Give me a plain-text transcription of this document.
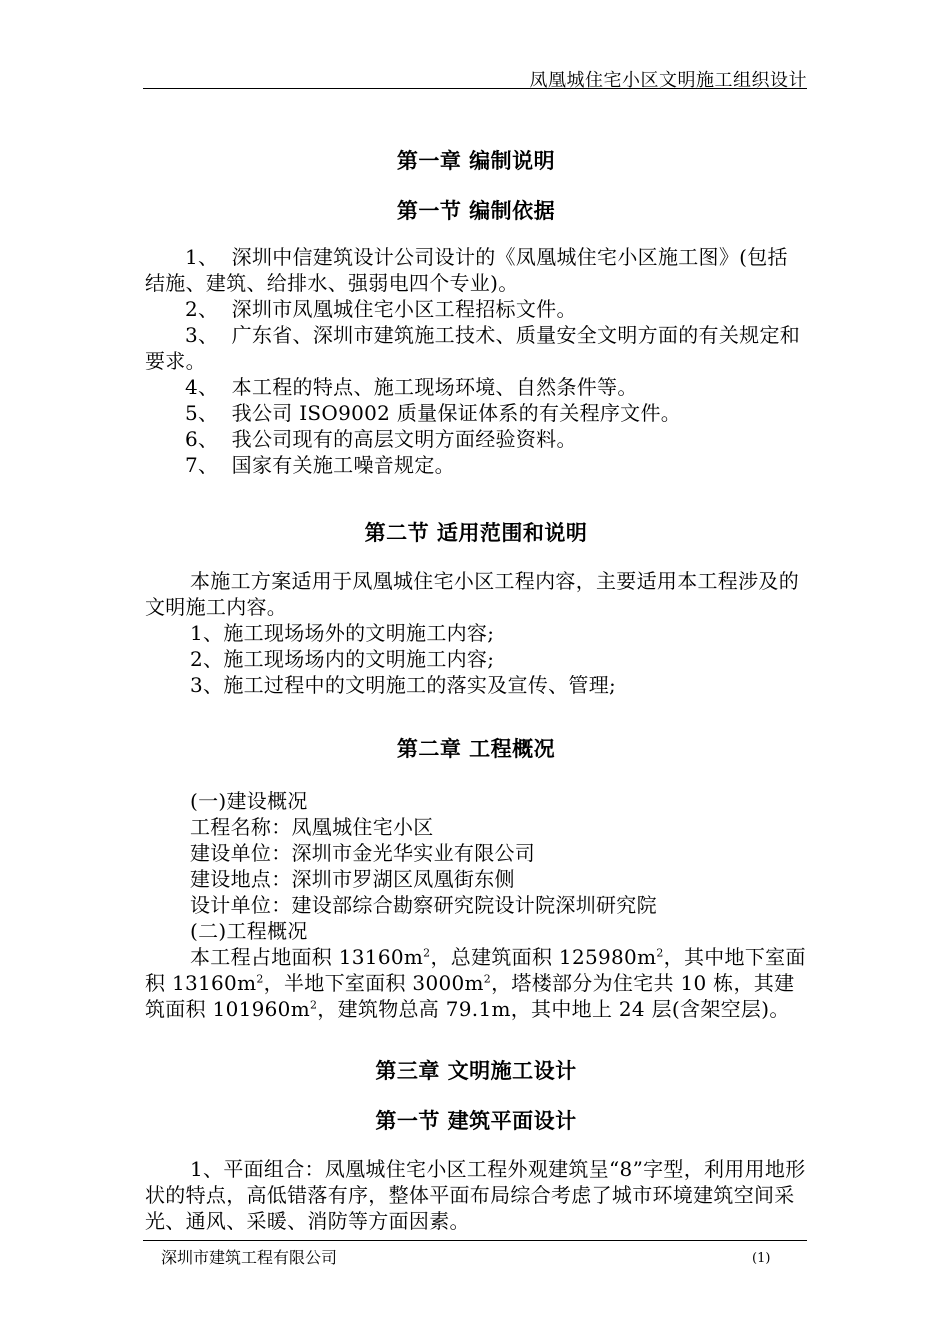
凤凰城住宅小区文明施工组织设计
第一章 编制说明
第一节 编制依据

1、 深圳中信建筑设计公司设计的《凤凰城住宅小区施工图》(包括结施、建筑、给排水、强弱电四个专业)。

2、 深圳市凤凰城住宅小区工程招标文件。

3、 广东省、深圳市建筑施工技术、质量安全文明方面的有关规定和要求。

4、 本工程的特点、施工现场环境、自然条件等。

5、 我公司 ISO9002 质量保证体系的有关程序文件。

6、 我公司现有的高层文明方面经验资料。

7、 国家有关施工噪音规定。

第二节 适用范围和说明

本施工方案适用于凤凰城住宅小区工程内容，主要适用本工程涉及的文明施工内容。

1、施工现场场外的文明施工内容;

2、施工现场场内的文明施工内容;

3、施工过程中的文明施工的落实及宣传、管理;

第二章 工程概况

(一)建设概况

工程名称：凤凰城住宅小区

建设单位：深圳市金光华实业有限公司

建设地点：深圳市罗湖区凤凰街东侧

设计单位：建设部综合勘察研究院设计院深圳研究院

(二)工程概况

本工程占地面积 $13160m^2$，总建筑面积 $125980m^2$，其中地下室面积 $13160m^2$，半地下室面积 $3000m^2$，塔楼部分为住宅共 10 栋，其建筑面积 $101960m^2$，建筑物总高 79.1m，其中地上 24 层(含架空层)。

第三章 文明施工设计
第一节 建筑平面设计

1、平面组合：凤凰城住宅小区工程外观建筑呈“8”字型，利用用地形状的特点，高低错落有序，整体平面布局综合考虑了城市环境建筑空间采光、通风、采暖、消防等方面因素。

深圳市建筑工程有限公司	(1)
